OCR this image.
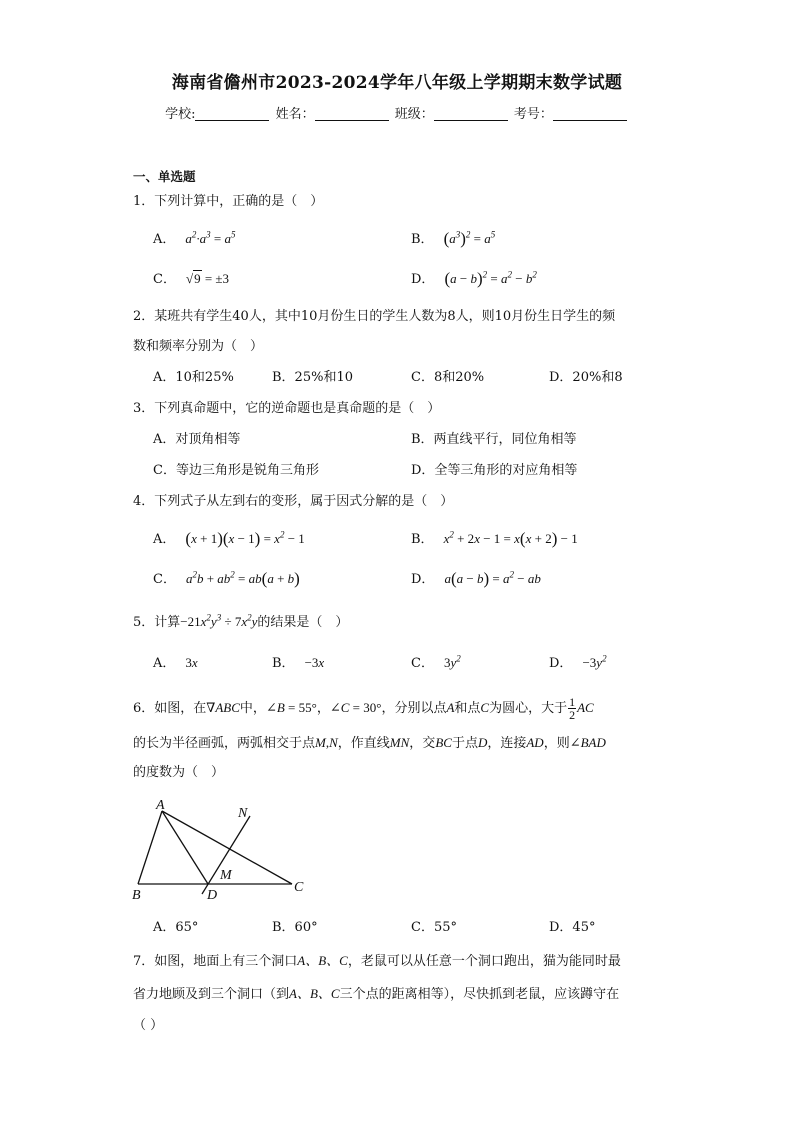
海南省儋州市2023-2024学年八年级上学期期末数学试题
学校:	姓名：	班级：	考号：
一、单选题
1．下列计算中，正确的是（　）
A． $a^2\cdot a^3 = a^5$	B． $(a^3)^2 = a^5$
C． √9 = ±3	D． $(a - b)^2 = a^2 - b^2$
2．某班共有学生40人，其中10月份生日的学生人数为8人，则10月份生日学生的频
数和频率分别为（　）
A．10和25%	B．25%和10	C．8和20%	D．20%和8
3．下列真命题中，它的逆命题也是真命题的是（　）
A．对顶角相等	B．两直线平行，同位角相等
C．等边三角形是锐角三角形	D．全等三角形的对应角相等
4．下列式子从左到右的变形，属于因式分解的是（　）
A． $(x + 1)(x - 1) = x^2 - 1$	B． $x^2 + 2x - 1 = x(x + 2) - 1$
C． $a^2b + ab^2 = ab(a + b)$	D． $a(a - b) = a^2$ − ab
5．计算$-21x^2y^3 \div 7x^2y$的结果是（　）
A． 3x	B． −3x	C． $3y^2$	D． $-3y^2$
6．如图，在∇ABC中，∠B = 55°，∠C = 30°，分别以点A和点C为圆心，大于 $\frac{1}{2}$ AC
的长为半径画弧，两弧相交于点M,N，作直线MN，交BC于点D，连接AD，则∠BAD
的度数为（　）
A
B
C
D
M
N
A．65°	B．60°	C．55°	D．45°
7．如图，地面上有三个洞口A、B、C，老鼠可以从任意一个洞口跑出，猫为能同时最
省力地顾及到三个洞口（到A、B、C三个点的距离相等），尽快抓到老鼠，应该蹲守在
（ ）
